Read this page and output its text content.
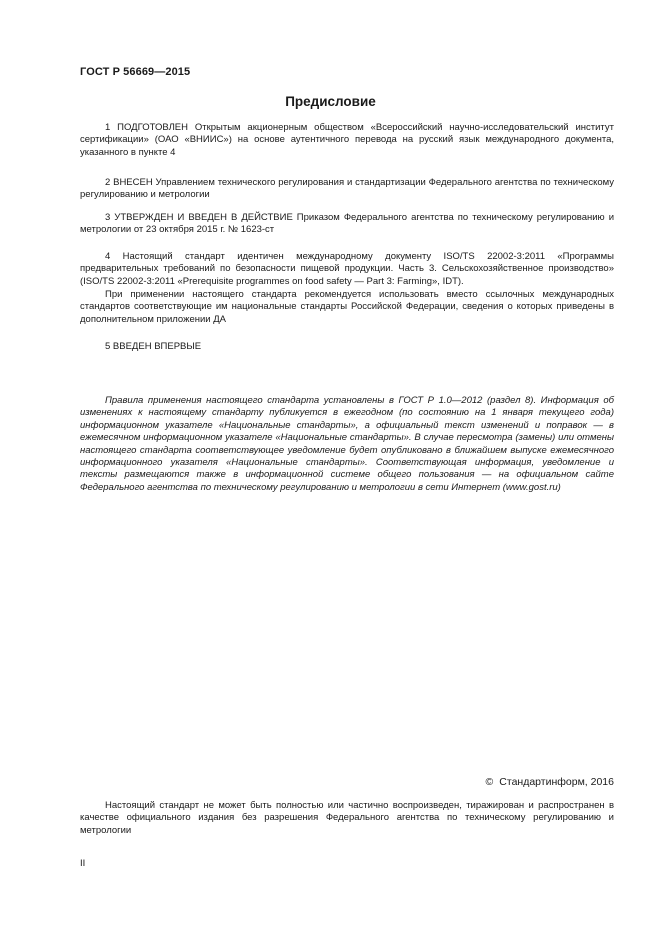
ГОСТ Р 56669—2015
Предисловие

1 ПОДГОТОВЛЕН Открытым акционерным обществом «Всероссийский научно-исследовательский институт сертификации» (ОАО «ВНИИС») на основе аутентичного перевода на русский язык международного документа, указанного в пункте 4

2 ВНЕСЕН Управлением технического регулирования и стандартизации Федерального агентства по техническому регулированию и метрологии

3 УТВЕРЖДЕН И ВВЕДЕН В ДЕЙСТВИЕ Приказом Федерального агентства по техническому регулированию и метрологии от 23 октября 2015 г. № 1623-ст

4 Настоящий стандарт идентичен международному документу ISO/TS 22002-3:2011 «Программы предварительных требований по безопасности пищевой продукции. Часть 3. Сельскохозяйственное производство» (ISO/TS 22002-3:2011 «Prerequisite programmes on food safety — Part 3: Farming», IDT).

При применении настоящего стандарта рекомендуется использовать вместо ссылочных международных стандартов соответствующие им национальные стандарты Российской Федерации, сведения о которых приведены в дополнительном приложении ДА

5 ВВЕДЕН ВПЕРВЫЕ

Правила применения настоящего стандарта установлены в ГОСТ Р 1.0—2012 (раздел 8). Информация об изменениях к настоящему стандарту публикуется в ежегодном (по состоянию на 1 января текущего года) информационном указателе «Национальные стандарты», а официальный текст изменений и поправок — в ежемесячном информационном указателе «Национальные стандарты». В случае пересмотра (замены) или отмены настоящего стандарта соответствующее уведомление будет опубликовано в ближайшем выпуске ежемесячного информационного указателя «Национальные стандарты». Соответствующая информация, уведомление и тексты размещаются также в информационной системе общего пользования — на официальном сайте Федерального агентства по техническому регулированию и метрологии в сети Интернет (www.gost.ru)

© Стандартинформ, 2016

Настоящий стандарт не может быть полностью или частично воспроизведен, тиражирован и распространен в качестве официального издания без разрешения Федерального агентства по техническому регулированию и метрологии

II
